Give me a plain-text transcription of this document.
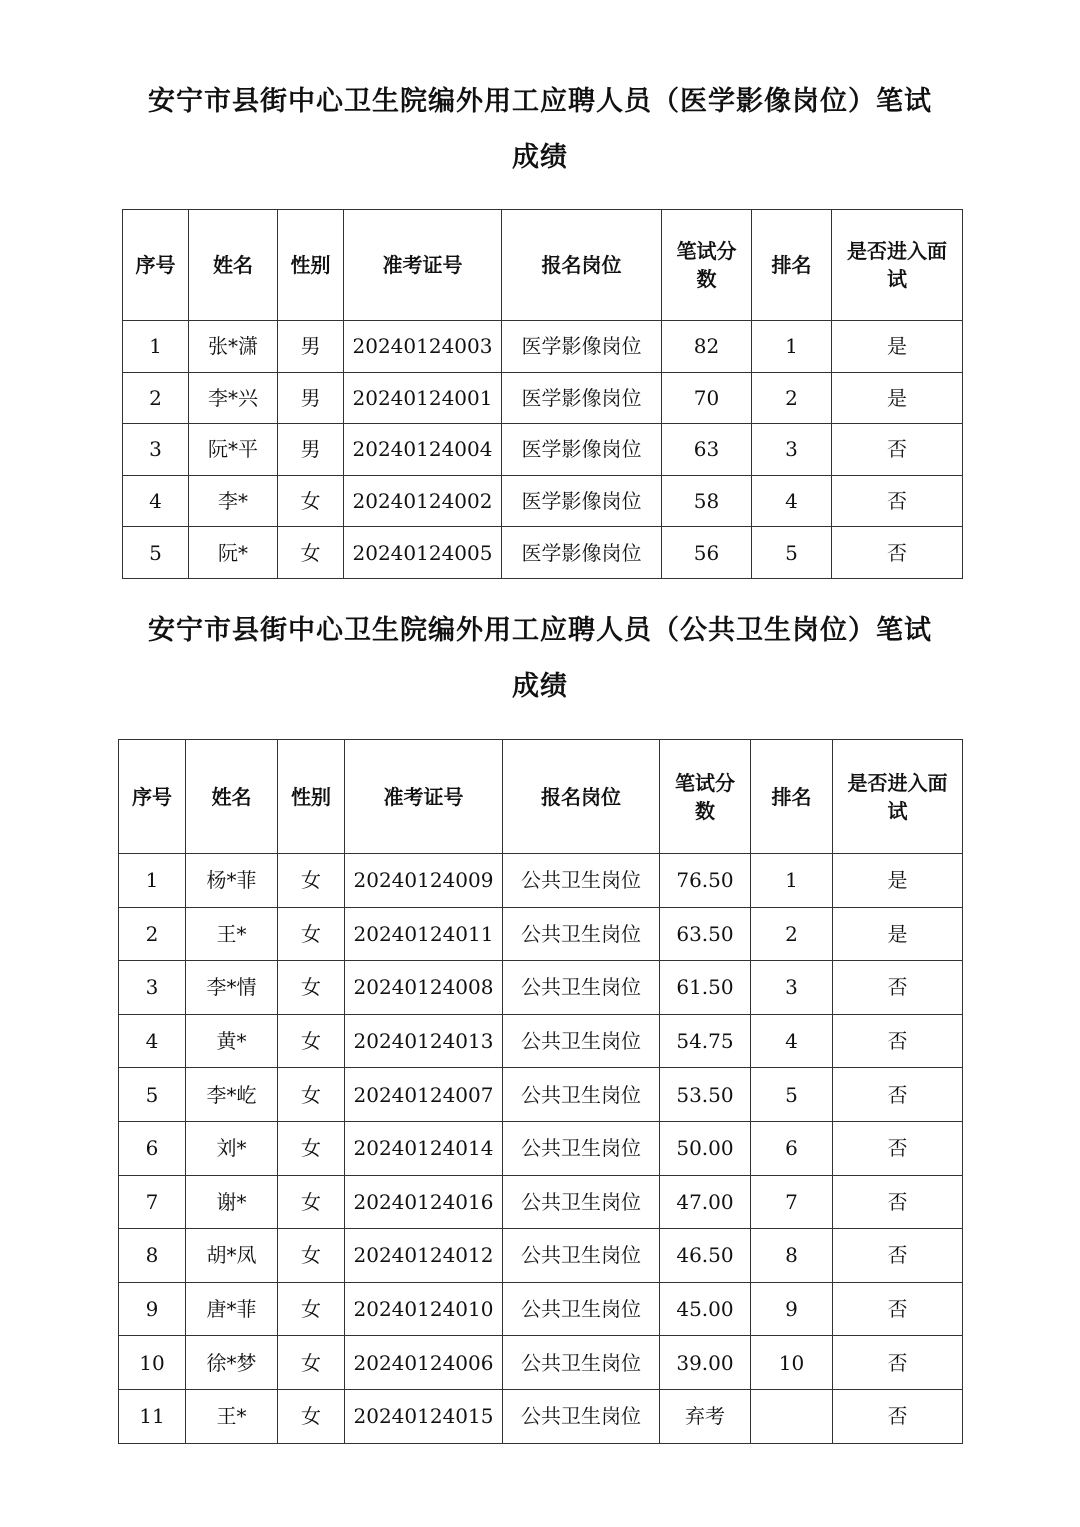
安宁市县街中心卫生院编外用工应聘人员（医学影像岗位）笔试
成绩
序号	姓名	性别	准考证号	报名岗位	笔试分数	排名	是否进入面试
1	张*潇	男	20240124003	医学影像岗位	82	1	是
2	李*兴	男	20240124001	医学影像岗位	70	2	是
3	阮*平	男	20240124004	医学影像岗位	63	3	否
4	李*	女	20240124002	医学影像岗位	58	4	否
5	阮*	女	20240124005	医学影像岗位	56	5	否
安宁市县街中心卫生院编外用工应聘人员（公共卫生岗位）笔试
成绩
序号	姓名	性别	准考证号	报名岗位	笔试分数	排名	是否进入面试
1	杨*菲	女	20240124009	公共卫生岗位	76.50	1	是
2	王*	女	20240124011	公共卫生岗位	63.50	2	是
3	李*情	女	20240124008	公共卫生岗位	61.50	3	否
4	黄*	女	20240124013	公共卫生岗位	54.75	4	否
5	李*屹	女	20240124007	公共卫生岗位	53.50	5	否
6	刘*	女	20240124014	公共卫生岗位	50.00	6	否
7	谢*	女	20240124016	公共卫生岗位	47.00	7	否
8	胡*凤	女	20240124012	公共卫生岗位	46.50	8	否
9	唐*菲	女	20240124010	公共卫生岗位	45.00	9	否
10	徐*梦	女	20240124006	公共卫生岗位	39.00	10	否
11	王*	女	20240124015	公共卫生岗位	弃考		否
